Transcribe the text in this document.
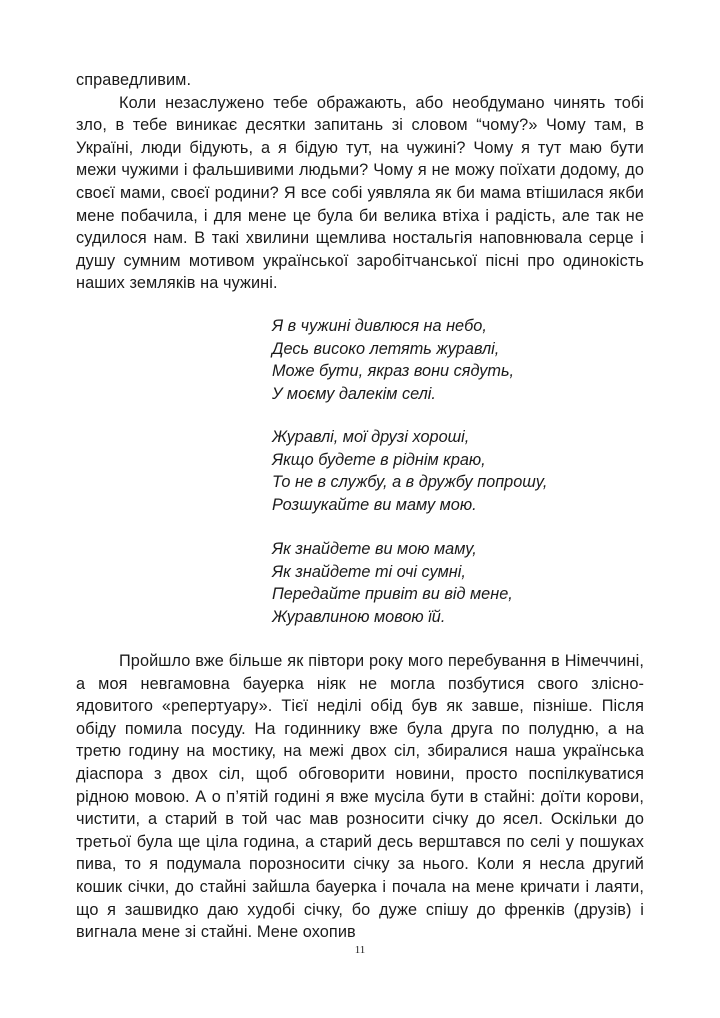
справедливим.

Коли незаслужено тебе ображають, або необдумано чинять тобі зло, в тебе виникає десятки запитань зі словом “чому?» Чому там, в Україні, люди бідують, а я бідую тут, на чужині? Чому я тут маю бути межи чужими і фальшивими людьми? Чому я не можу поїхати додому, до своєї мами, своєї родини? Я все собі уявляла як би мама втішилася якби мене побачила, і для мене це була би велика втіха і радість, але так не судилося нам. В такі хвилини щемлива ностальгія наповнювала серце і душу сумним мотивом української заробітчанської пісні про одинокість наших земляків на чужині.

Я в чужині дивлюся на небо,
Десь високо летять журавлі,
Може бути, якраз вони сядуть,
У моєму далекім селі.
Журавлі, мої друзі хороші,
Якщо будете в ріднім краю,
То не в службу, а в дружбу попрошу,
Розшукайте ви маму мою.
Як знайдете ви мою маму,
Як знайдете ті очі сумні,
Передайте привіт ви від мене,
Журавлиною мовою їй.

Пройшло вже більше як півтори року мого перебування в Німеччині, а моя невгамовна бауерка ніяк не могла позбутися свого злісно-ядовитого «репертуару». Тієї неділі обід був як завше, пізніше. Після обіду помила посуду. На годиннику вже була друга по полудню, а на третю годину на мостику, на межі двох сіл, збиралися наша українська діаспора з двох сіл, щоб обговорити новини, просто поспілкуватися рідною мовою. А о п’ятій годині я вже мусіла бути в стайні: доїти корови, чистити, а старий в той час мав розносити січку до ясел. Оскільки до третьої була ще ціла година, а старий десь верштався по селі у пошуках пива, то я подумала порозносити січку за нього. Коли я несла другий кошик січки, до стайні зайшла бауерка і почала на мене кричати і лаяти, що я зашвидко даю худобі січку, бо дуже спішу до френків (друзів) і вигнала мене зі стайні. Мене охопив

11
